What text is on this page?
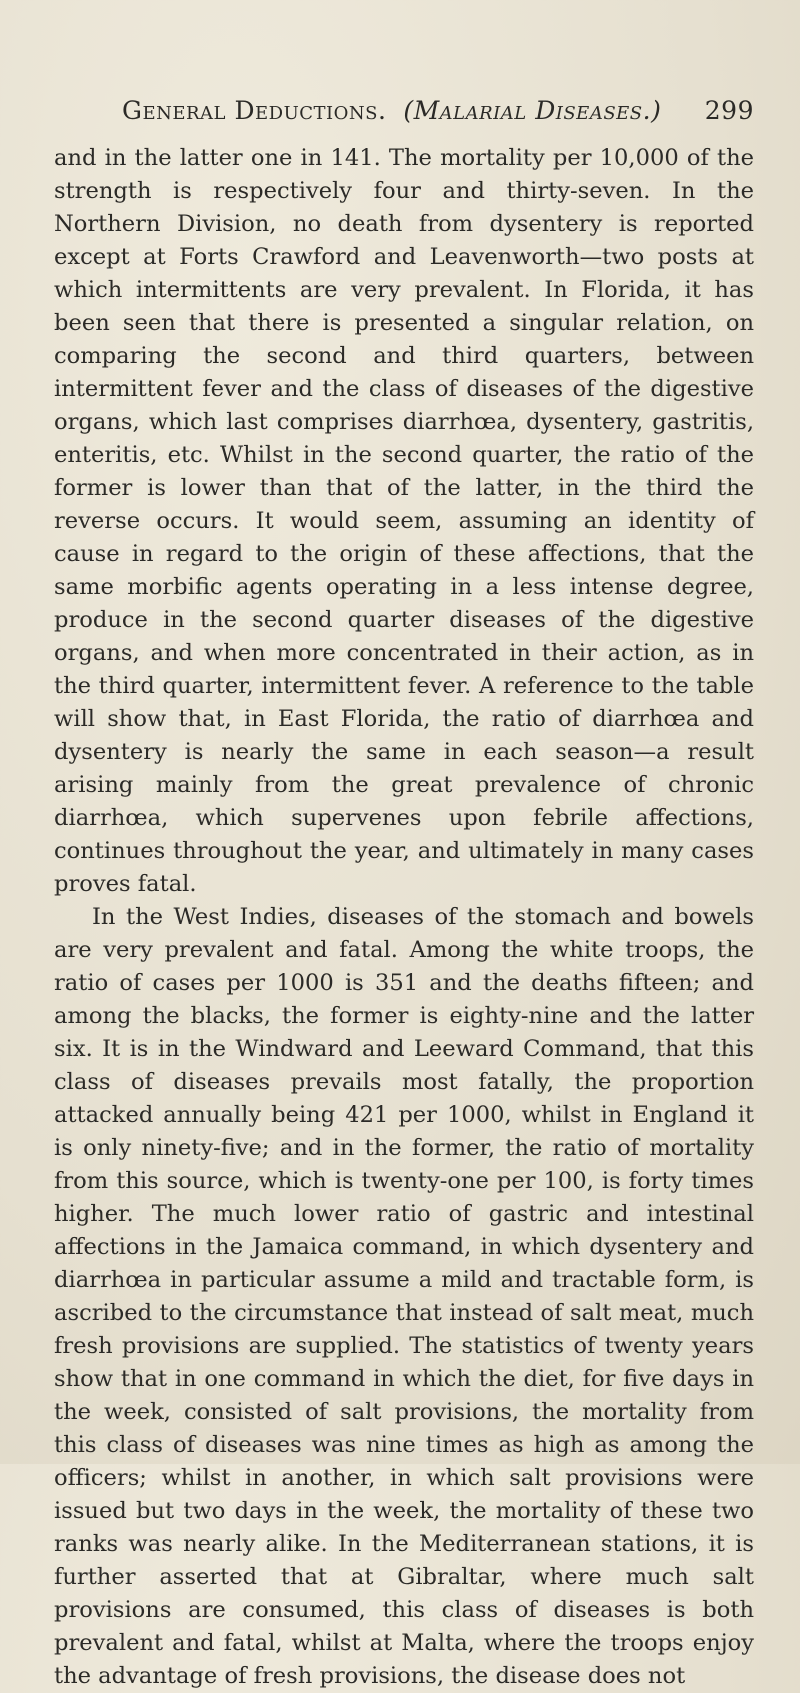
General Deductions. (Malarial Diseases.) 299

and in the latter one in 141. The mortality per 10,000 of the strength is respectively four and thirty-seven. In the Northern Division, no death from dysentery is reported except at Forts Crawford and Leavenworth—two posts at which intermittents are very prevalent. In Florida, it has been seen that there is presented a singular relation, on comparing the second and third quarters, between intermittent fever and the class of diseases of the digestive organs, which last comprises diarrhœa, dysentery, gastritis, enteritis, etc. Whilst in the second quarter, the ratio of the former is lower than that of the latter, in the third the reverse occurs. It would seem, assuming an identity of cause in regard to the origin of these affections, that the same morbific agents operating in a less intense degree, produce in the second quarter diseases of the digestive organs, and when more concentrated in their action, as in the third quarter, intermittent fever. A reference to the table will show that, in East Florida, the ratio of diarrhœa and dysentery is nearly the same in each season—a result arising mainly from the great prevalence of chronic diarrhœa, which supervenes upon febrile affections, continues throughout the year, and ultimately in many cases proves fatal.

In the West Indies, diseases of the stomach and bowels are very prevalent and fatal. Among the white troops, the ratio of cases per 1000 is 351 and the deaths fifteen; and among the blacks, the former is eighty-nine and the latter six. It is in the Windward and Leeward Command, that this class of diseases prevails most fatally, the proportion attacked annually being 421 per 1000, whilst in England it is only ninety-five; and in the former, the ratio of mortality from this source, which is twenty-one per 100, is forty times higher. The much lower ratio of gastric and intestinal affections in the Jamaica command, in which dysentery and diarrhœa in particular assume a mild and tractable form, is ascribed to the circumstance that instead of salt meat, much fresh provisions are supplied. The statistics of twenty years show that in one command in which the diet, for five days in the week, consisted of salt provisions, the mortality from this class of diseases was nine times as high as among the officers; whilst in another, in which salt provisions were issued but two days in the week, the mortality of these two ranks was nearly alike. In the Mediterranean stations, it is further asserted that at Gibraltar, where much salt provisions are consumed, this class of diseases is both prevalent and fatal, whilst at Malta, where the troops enjoy the advantage of fresh provisions, the disease does not
